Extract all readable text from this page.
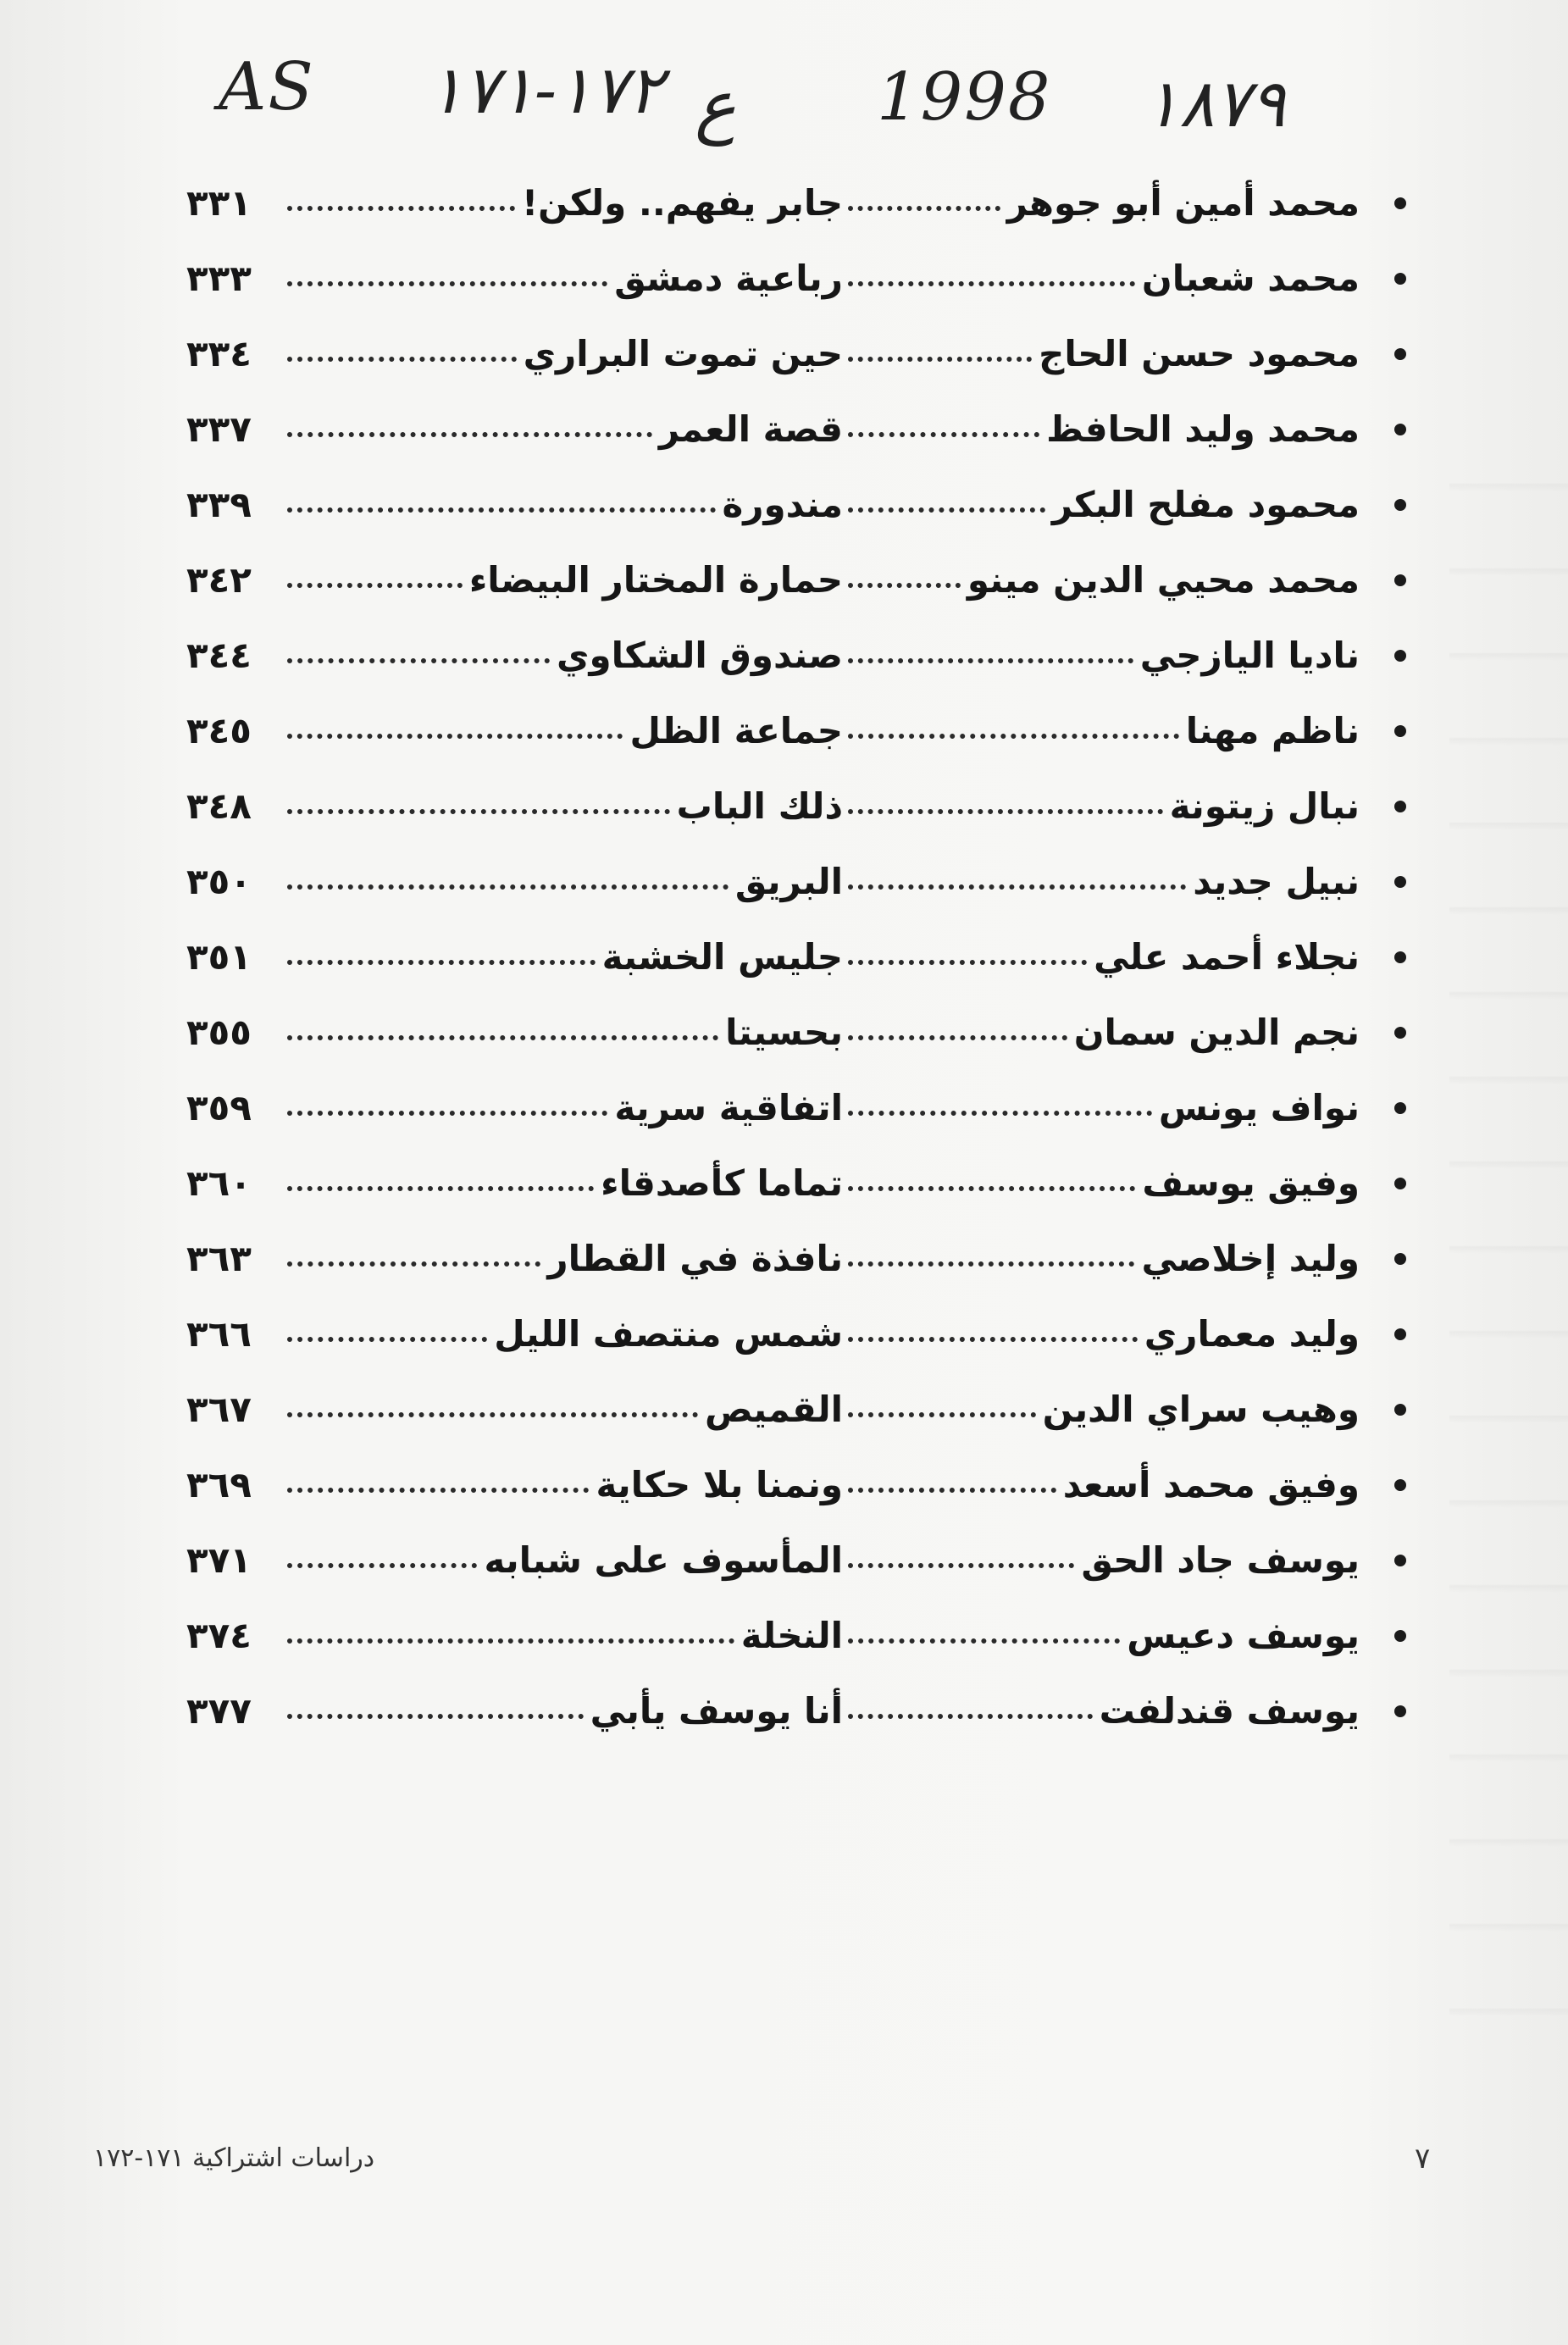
AS ١٧٢-١٧١ ع 1998 ١٨٧٩
محمد أمين أبو جوهر
جابر يفهم.. ولكن!
٣٣١
محمد شعبان
رباعية دمشق
٣٣٣
محمود حسن الحاج
حين تموت البراري
٣٣٤
محمد وليد الحافظ
قصة العمر
٣٣٧
محمود مفلح البكر
مندورة
٣٣٩
محمد محيي الدين مينو
حمارة المختار البيضاء
٣٤٢
ناديا اليازجي
صندوق الشكاوي
٣٤٤
ناظم مهنا
جماعة الظل
٣٤٥
نبال زيتونة
ذلك الباب
٣٤٨
نبيل جديد
البريق
٣٥٠
نجلاء أحمد علي
جليس الخشبة
٣٥١
نجم الدين سمان
بحسيتا
٣٥٥
نواف يونس
اتفاقية سرية
٣٥٩
وفيق يوسف
تماما كأصدقاء
٣٦٠
وليد إخلاصي
نافذة في القطار
٣٦٣
وليد معماري
شمس منتصف الليل
٣٦٦
وهيب سراي الدين
القميص
٣٦٧
وفيق محمد أسعد
ونمنا بلا حكاية
٣٦٩
يوسف جاد الحق
المأسوف على شبابه
٣٧١
يوسف دعيس
النخلة
٣٧٤
يوسف قندلفت
أنا يوسف يأبي
٣٧٧
٧
دراسات اشتراكية ١٧١-١٧٢
